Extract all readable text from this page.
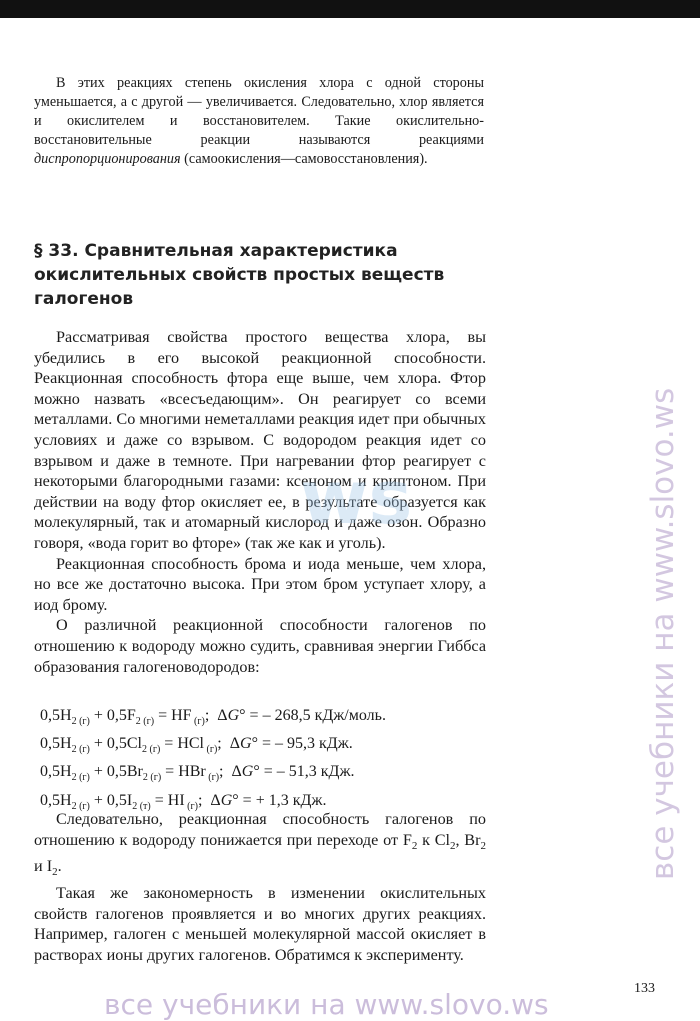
В этих реакциях степень окисления хлора с одной стороны уменьшается, а с другой — увеличивается. Следовательно, хлор является и окислителем и восстановителем. Такие окислительно-восстановительные реакции называются реакциями диспропорционирования (самоокисления—самовосстановления).

§ 33. Сравнительная характеристика окислительных свойств простых веществ галогенов

Рассматривая свойства простого вещества хлора, вы убедились в его высокой реакционной способности. Реакционная способность фтора еще выше, чем хлора. Фтор можно назвать «всесъедающим». Он реагирует со всеми металлами. Со многими неметаллами реакция идет при обычных условиях и даже со взрывом. С водородом реакция идет со взрывом и даже в темноте. При нагревании фтор реагирует с некоторыми благородными газами: ксеноном и криптоном. При действии на воду фтор окисляет ее, в результате образуется как молекулярный, так и атомарный кислород и даже озон. Образно говоря, «вода горит во фторе» (так же как и уголь).

Реакционная способность брома и иода меньше, чем хлора, но все же достаточно высока. При этом бром уступает хлору, а иод брому.

О различной реакционной способности галогенов по отношению к водороду можно судить, сравнивая энергии Гиббса образования галогеноводородов:

$0,5H_{2 (г)} + 0,5F_{2 (г)}$ = HF $_{(г)}$;  ΔG° = – 268,5 кДж/моль.
$0,5H_{2 (г)} + 0,5Cl_{2 (г)}$ = HCl $_{(г)}$;  ΔG° = – 95,3 кДж.
$0,5H_{2 (г)} + 0,5Br_{2 (г)}$ = HBr $_{(г)}$;  ΔG° = – 51,3 кДж.
$0,5H_{2 (г)} + 0,5I_{2 (т)}$ = HI $_{(г)}$;  ΔG° = + 1,3 кДж.

Следовательно, реакционная способность галогенов по отношению к водороду понижается при переходе от $F_2$ к $Cl_2$, $Br_2$ и $I_2$.

Такая же закономерность в изменении окислительных свойств галогенов проявляется и во многих других реакциях. Например, галоген с меньшей молекулярной массой окисляет в растворах ионы других галогенов. Обратимся к эксперименту.

133
ws	все учебники на www.slovo.ws
все учебники на www.slovo.ws
